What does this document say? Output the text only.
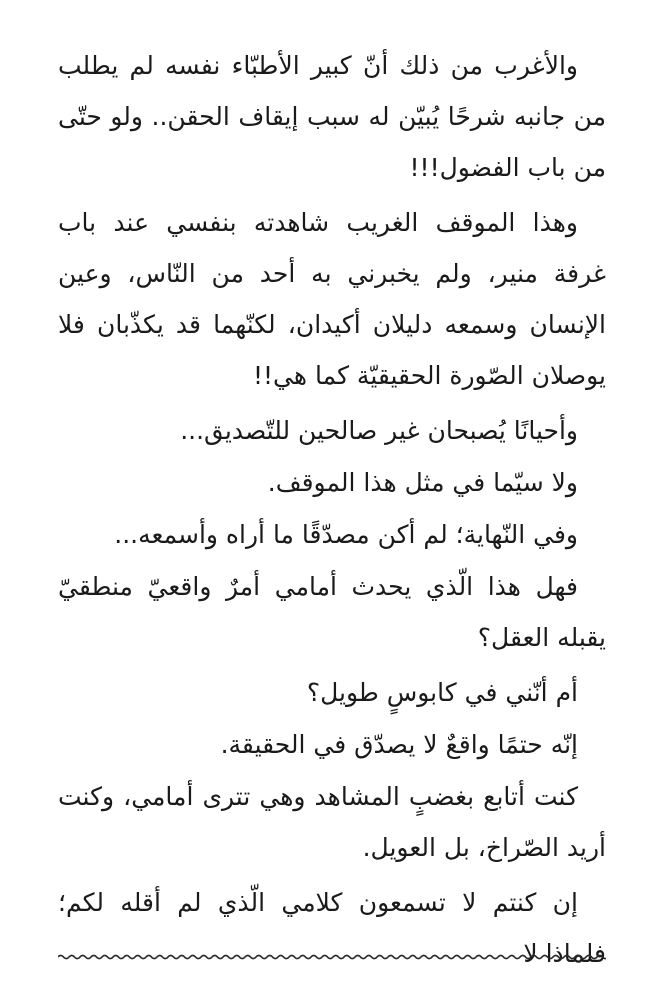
والأغرب من ذلك أنّ كبير الأطبّاء نفسه لم يطلب من جانبه شرحًا يُبيّن له سبب إيقاف الحقن.. ولو حتّى من باب الفضول!!!

وهذا الموقف الغريب شاهدته بنفسي عند باب غرفة منير، ولم يخبرني به أحد من النّاس، وعين الإنسان وسمعه دليلان أكيدان، لكنّهما قد يكذّبان فلا يوصلان الصّورة الحقيقيّة كما هي!!

وأحيانًا يُصبحان غير صالحين للتّصديق...

ولا سيّما في مثل هذا الموقف.

وفي النّهاية؛ لم أكن مصدّقًا ما أراه وأسمعه...

فهل هذا الّذي يحدث أمامي أمرٌ واقعيّ منطقيّ يقبله العقل؟

أم أنّني في كابوسٍ طويل؟

إنّه حتمًا واقعٌ لا يصدّق في الحقيقة.

كنت أتابع بغضبٍ المشاهد وهي تترى أمامي، وكنت أريد الصّراخ، بل العويل.

إن كنتم لا تسمعون كلامي الّذي لم أقله لكم؛ فلماذا لا
